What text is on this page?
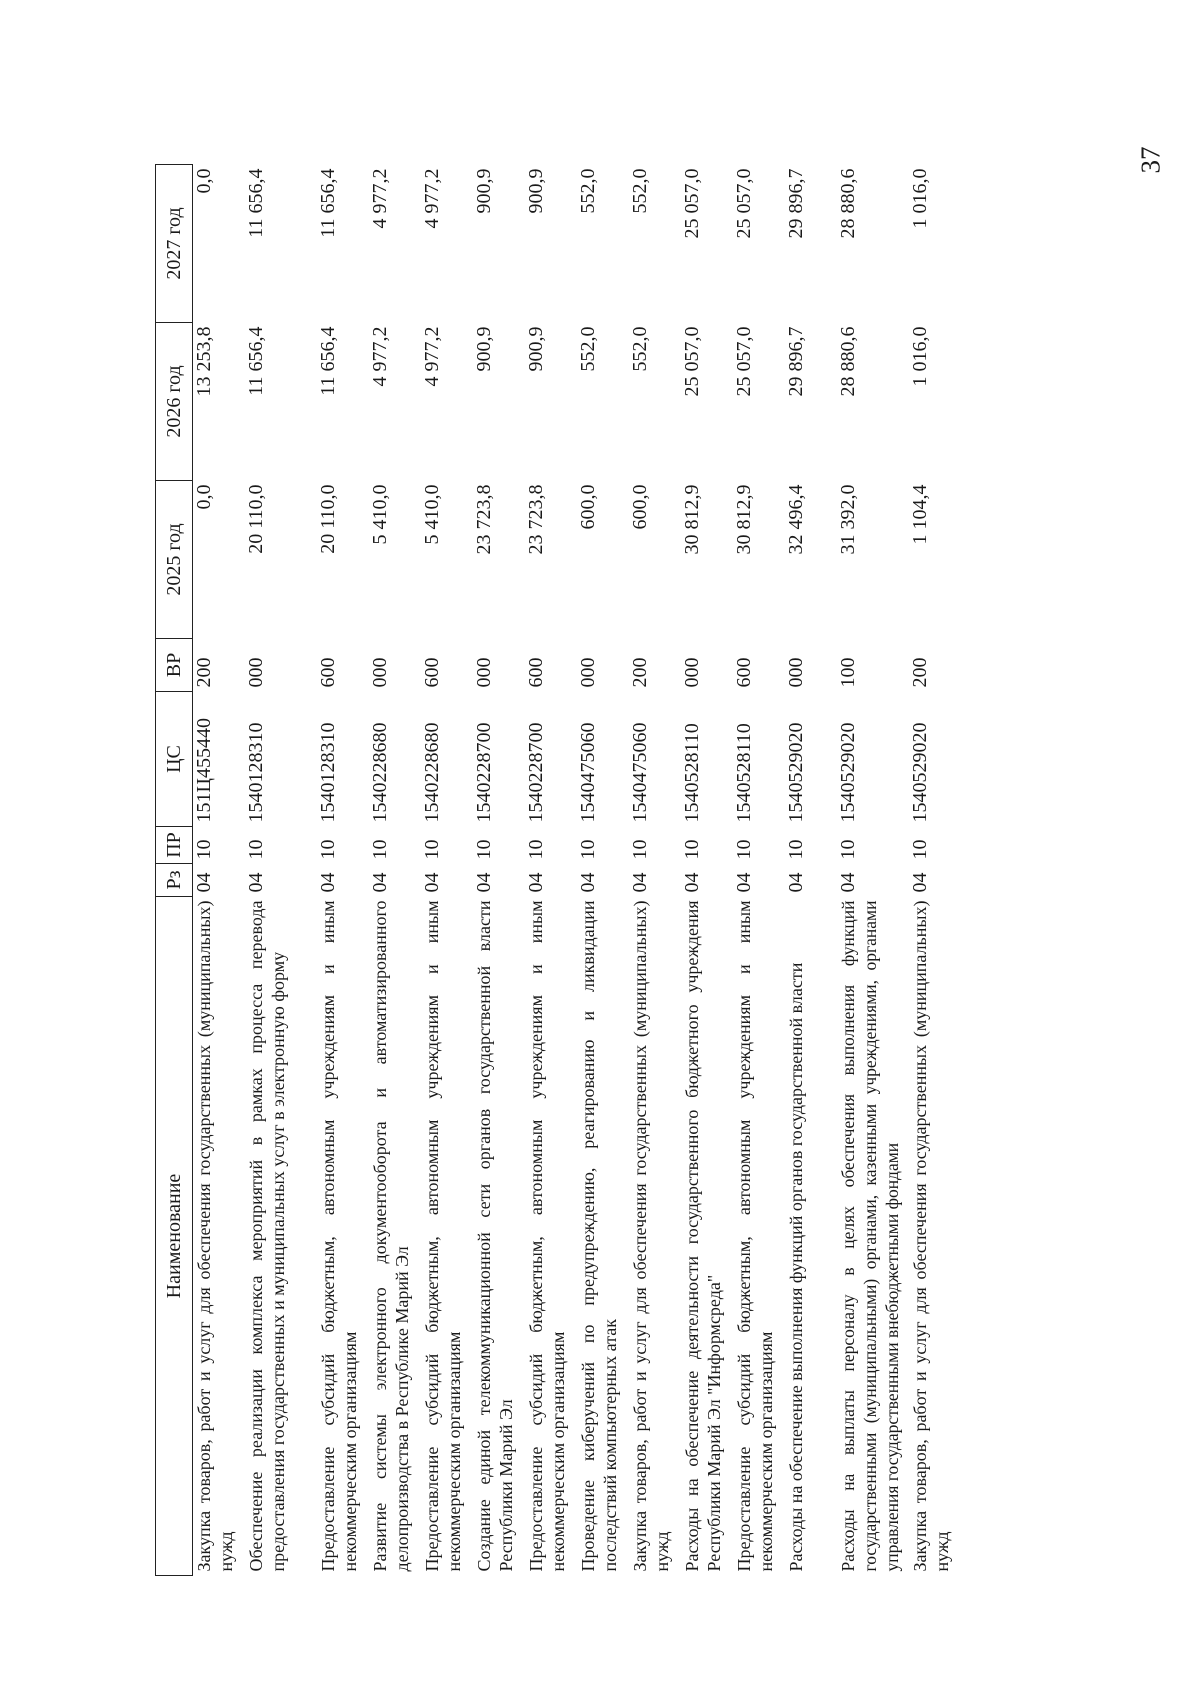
37
Наименование	Рз	ПР	ЦС	ВР	2025 год	2026 год	2027 год
Закупка товаров, работ и услуг для обеспечения государственных (муниципальных) нужд	04	10	151Ц455440	200	0,0	13 253,8	0,0
Обеспечение реализации комплекса мероприятий в рамках процесса перевода предоставления государственных и муниципальных услуг в электронную форму	04	10	1540128310	000	20 110,0	11 656,4	11 656,4
Предоставление субсидий бюджетным, автономным учреждениям и иным некоммерческим организациям	04	10	1540128310	600	20 110,0	11 656,4	11 656,4
Развитие системы электронного документооборота и автоматизированного делопроизводства в Республике Марий Эл	04	10	1540228680	000	5 410,0	4 977,2	4 977,2
Предоставление субсидий бюджетным, автономным учреждениям и иным некоммерческим организациям	04	10	1540228680	600	5 410,0	4 977,2	4 977,2
Создание единой телекоммуникационной сети органов государственной власти Республики Марий Эл	04	10	1540228700	000	23 723,8	900,9	900,9
Предоставление субсидий бюджетным, автономным учреждениям и иным некоммерческим организациям	04	10	1540228700	600	23 723,8	900,9	900,9
Проведение киберучений по предупреждению, реагированию и ликвидации последствий компьютерных атак	04	10	1540475060	000	600,0	552,0	552,0
Закупка товаров, работ и услуг для обеспечения государственных (муниципальных) нужд	04	10	1540475060	200	600,0	552,0	552,0
Расходы на обеспечение деятельности государственного бюджетного учреждения Республики Марий Эл "Информсреда"	04	10	1540528110	000	30 812,9	25 057,0	25 057,0
Предоставление субсидий бюджетным, автономным учреждениям и иным некоммерческим организациям	04	10	1540528110	600	30 812,9	25 057,0	25 057,0
Расходы на обеспечение выполнения функций органов государственной власти	04	10	1540529020	000	32 496,4	29 896,7	29 896,7
Расходы на выплаты персоналу в целях обеспечения выполнения функций государственными (муниципальными) органами, казенными учреждениями, органами управления государственными внебюджетными фондами	04	10	1540529020	100	31 392,0	28 880,6	28 880,6
Закупка товаров, работ и услуг для обеспечения государственных (муниципальных) нужд	04	10	1540529020	200	1 104,4	1 016,0	1 016,0
